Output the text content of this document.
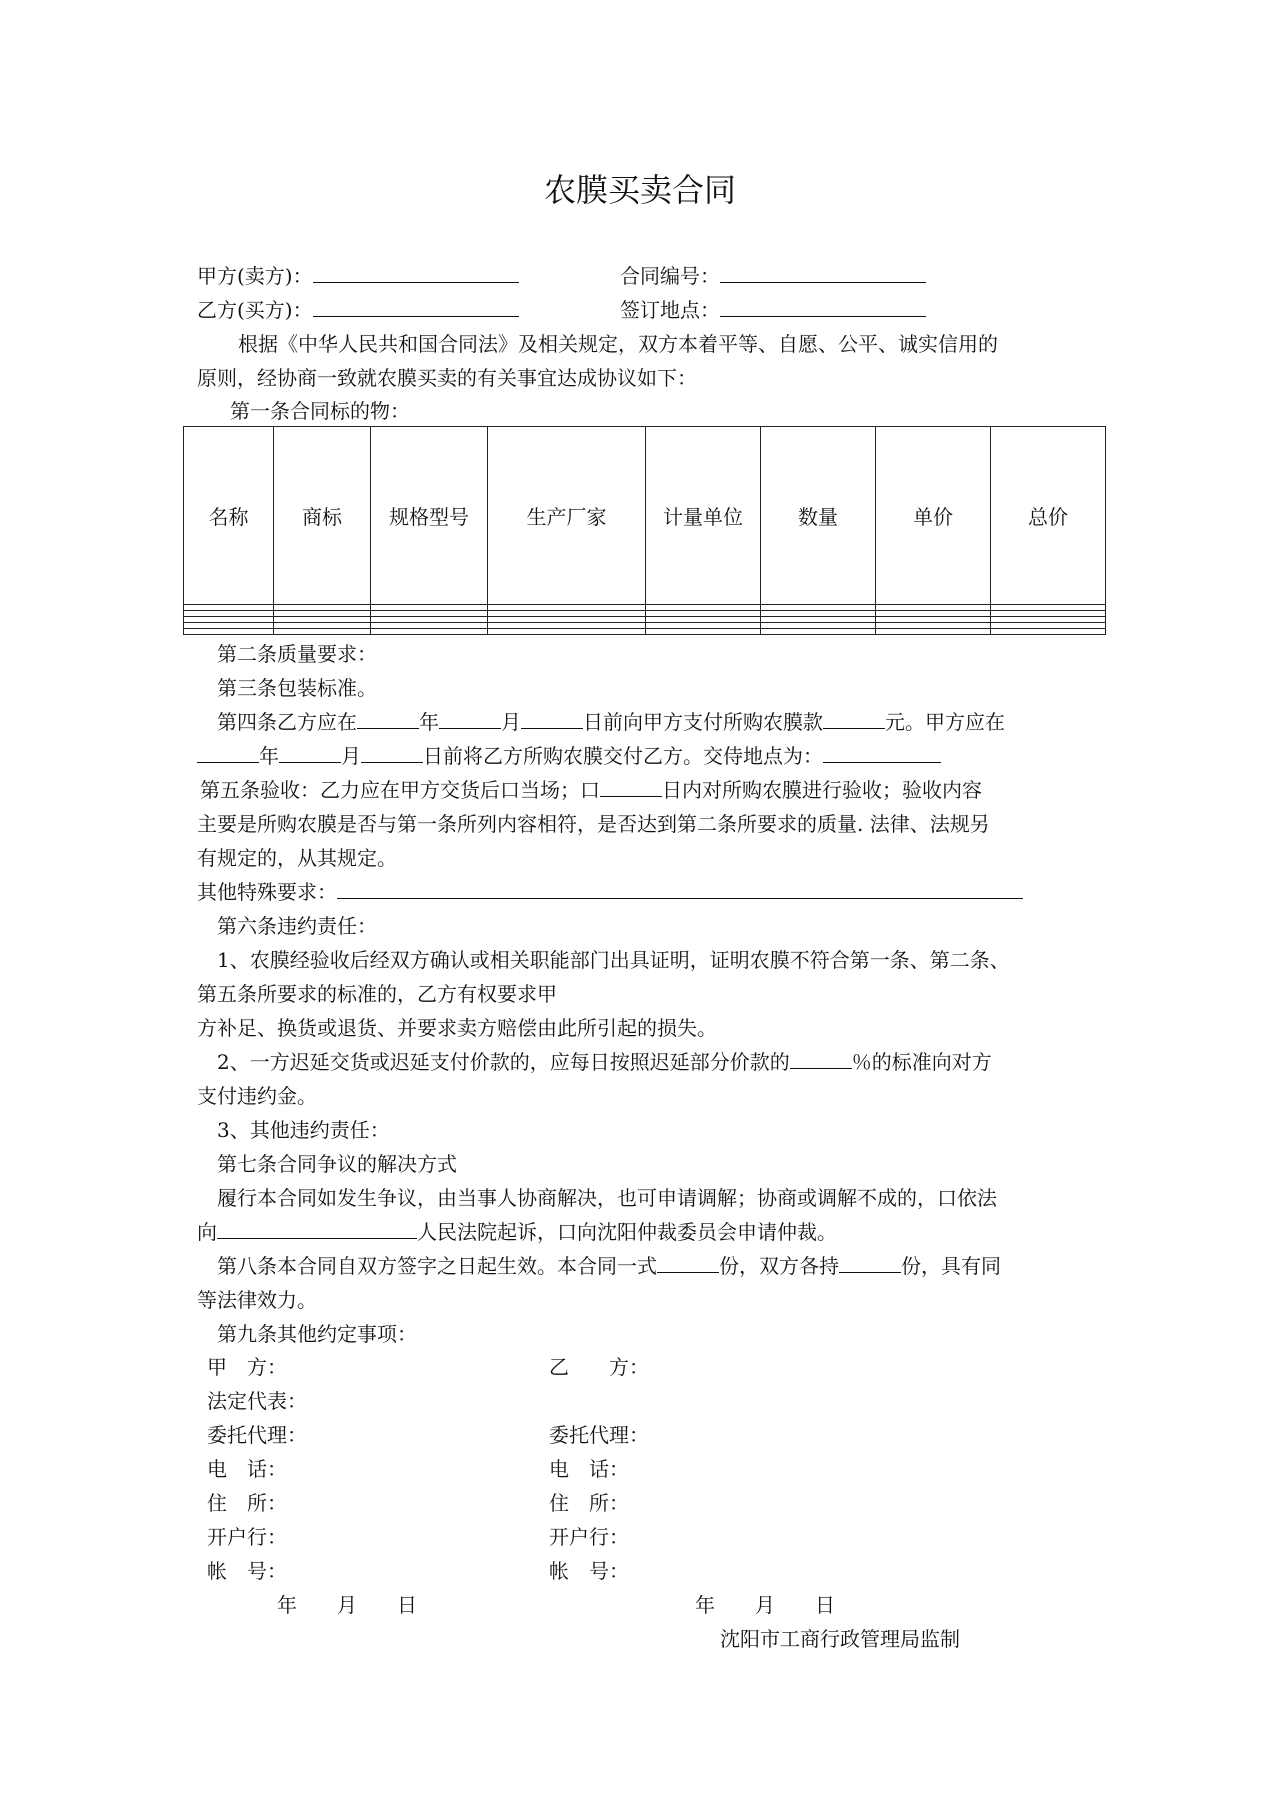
农膜买卖合同
甲方(卖方)：	合同编号：
乙方(买方)：	签订地点：
根据《中华人民共和国合同法》及相关规定，双方本着平等、自愿、公平、诚实信用的
原则，经协商一致就农膜买卖的有关事宜达成协议如下：
第一条合同标的物：
名称	商标	规格型号	生产厂家	计量单位	数量	单价	总价

第二条质量要求：
第三条包装标准。
第四条乙方应在	年	月	日前向甲方支付所购农膜款	元。甲方应在
年	月	日前将乙方所购农膜交付乙方。交侍地点为：
第五条验收：乙力应在甲方交货后口当场；口	日内对所购农膜进行验收；验收内容
主要是所购农膜是否与第一条所列内容相符，是否达到第二条所要求的质量. 法律、法规另
有规定的，从其规定。
其他特殊要求：
第六条违约责任：
1、农膜经验收后经双方确认或相关职能部门出具证明，证明农膜不符合第一条、第二条、
第五条所要求的标准的，乙方有权要求甲
方补足、换货或退货、并要求卖方赔偿由此所引起的损失。
2、一方迟延交货或迟延支付价款的，应每日按照迟延部分价款的	％的标准向对方
支付违约金。
3、其他违约责任：
第七条合同争议的解决方式
履行本合同如发生争议，由当事人协商解决，也可申请调解；协商或调解不成的，口依法
向	人民法院起诉，口向沈阳仲裁委员会申请仲裁。
第八条本合同自双方签字之日起生效。本合同一式	份，双方各持	份，具有同
等法律效力。
第九条其他约定事项：
甲　方：	乙　　方：
法定代表：
委托代理：	委托代理：
电　话：	电　话：
住　所：	住　所：
开户行：	开户行：
帐　号：	帐　号：
年　　月　　日	年　　月　　日
沈阳市工商行政管理局监制
